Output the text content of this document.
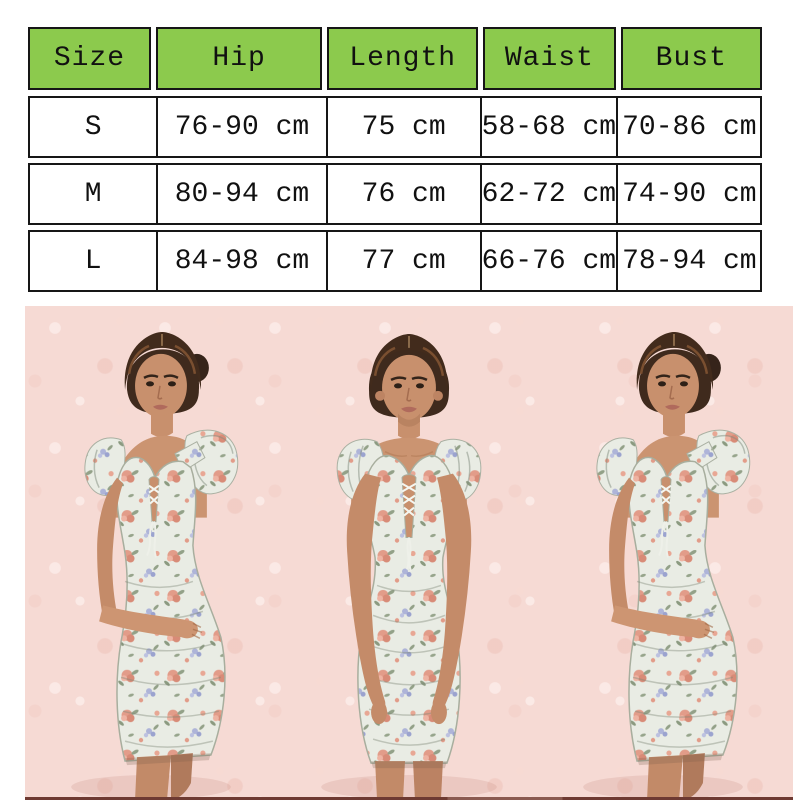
Size	Hip	Length	Waist	Bust
S	76-90 cm	75 cm	58-68 cm 70-86 cm
M	80-94 cm	76 cm	62-72 cm 74-90 cm
L	84-98 cm	77 cm	66-76 cm 78-94 cm
